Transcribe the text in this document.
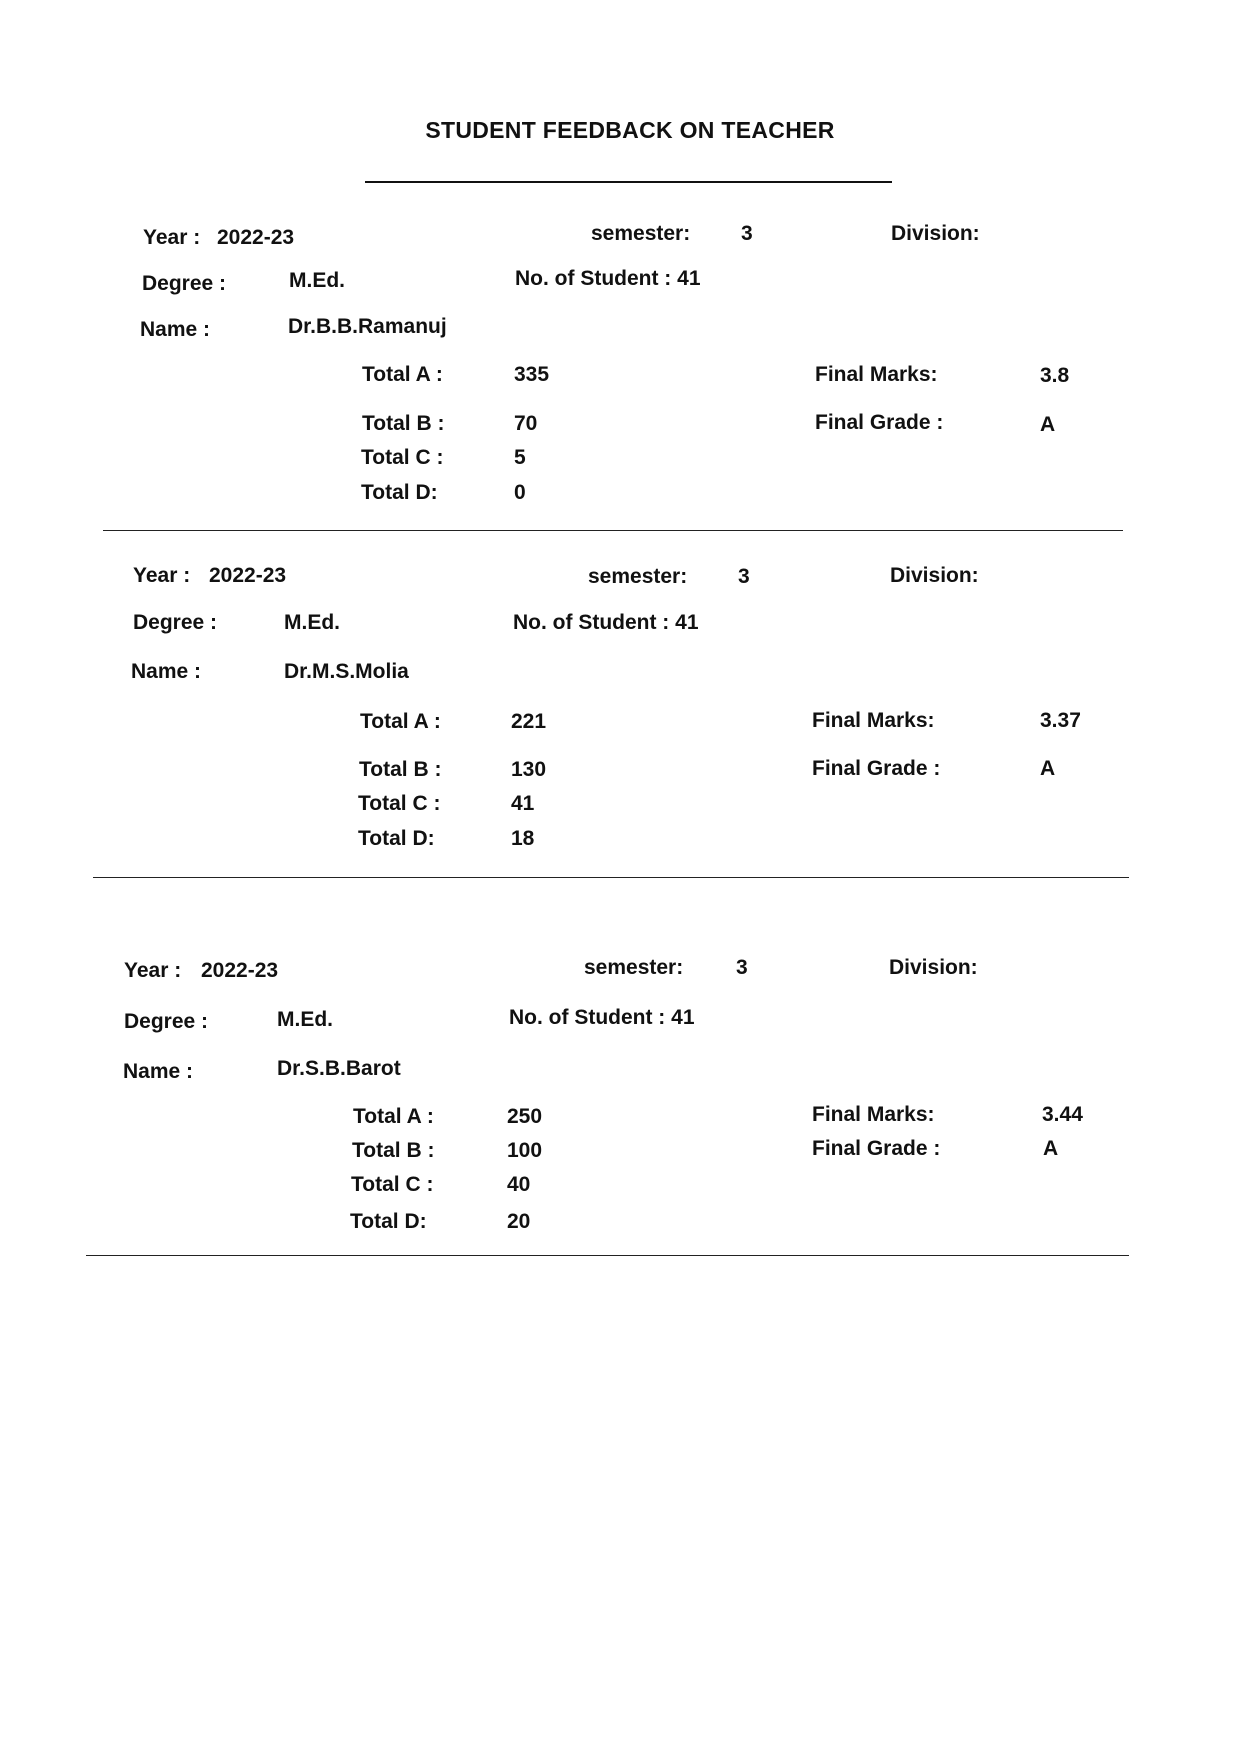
STUDENT FEEDBACK ON TEACHER
Year : 2022-23	semester: 3	Division:
Degree :	M.Ed.	No. of Student : 41
Name :	Dr.B.B.Ramanuj
Total A :	335	Final Marks:	3.8
Total B :	70	Final Grade :	A
Total C :	5
Total D:	0
Year : 2022-23	semester: 3	Division:
Degree :	M.Ed.	No. of Student : 41
Name :	Dr.M.S.Molia
Total A :	221	Final Marks:	3.37
Total B :	130	Final Grade :	A
Total C :	41
Total D:	18
Year : 2022-23	semester:	3	Division:
Degree :	M.Ed.	No. of Student : 41
Name :	Dr.S.B.Barot
Total A :	250	Final Marks:	3.44
Total B :	100	Final Grade :	A
Total C :	40
Total D:	20
